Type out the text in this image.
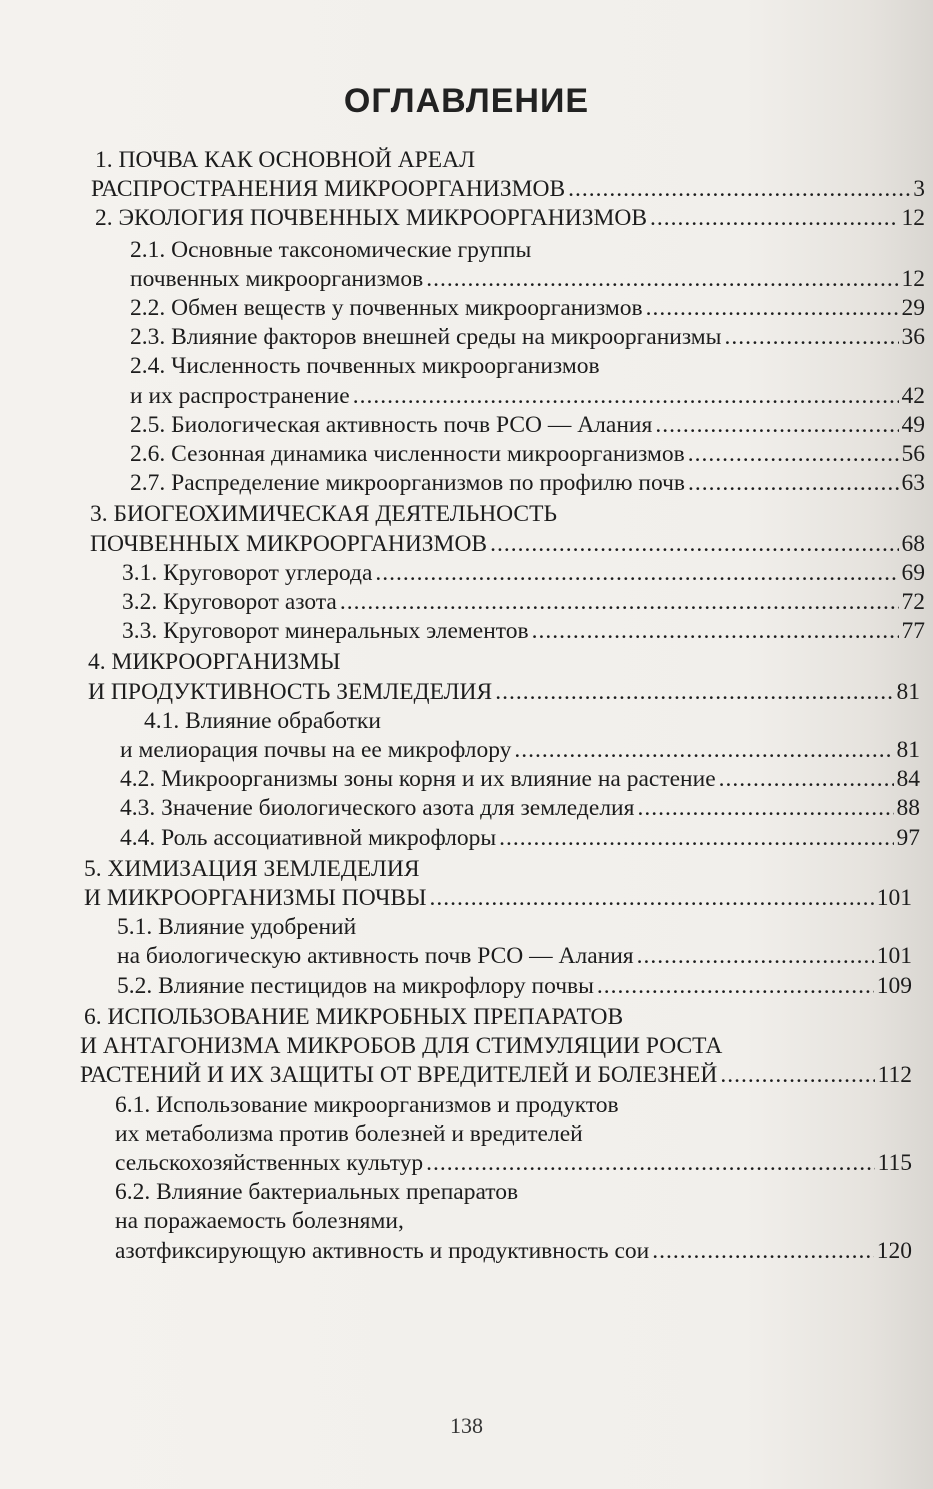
ОГЛАВЛЕНИЕ
1. ПОЧВА КАК ОСНОВНОЙ АРЕАЛ
РАСПРОСТРАНЕНИЯ МИКРООРГАНИЗМОВ .....	3
2. ЭКОЛОГИЯ ПОЧВЕННЫХ МИКРООРГАНИЗМОВ .....	12
2.1. Основные таксономические группы
почвенных микроорганизмов .....	12
2.2. Обмен веществ у почвенных микроорганизмов .....	29
2.3. Влияние факторов внешней среды на микроорганизмы .....	36
2.4. Численность почвенных микроорганизмов
и их распространение .....	42
2.5. Биологическая активность почв РСО — Алания .....	49
2.6. Сезонная динамика численности микроорганизмов .....	56
2.7. Распределение микроорганизмов по профилю почв .....	63
3. БИОГЕОХИМИЧЕСКАЯ ДЕЯТЕЛЬНОСТЬ
ПОЧВЕННЫХ МИКРООРГАНИЗМОВ .....	68
3.1. Круговорот углерода .....	69
3.2. Круговорот азота .....	72
3.3. Круговорот минеральных элементов .....	77
4. МИКРООРГАНИЗМЫ
И ПРОДУКТИВНОСТЬ ЗЕМЛЕДЕЛИЯ .....	81
4.1. Влияние обработки
и мелиорация почвы на ее микрофлору .....	81
4.2. Микроорганизмы зоны корня и их влияние на растение .....	84
4.3. Значение биологического азота для земледелия .....	88
4.4. Роль ассоциативной микрофлоры .....	97
5. ХИМИЗАЦИЯ ЗЕМЛЕДЕЛИЯ
И МИКРООРГАНИЗМЫ ПОЧВЫ .....	101
5.1. Влияние удобрений
на биологическую активность почв РСО — Алания .....	101
5.2. Влияние пестицидов на микрофлору почвы .....	109
6. ИСПОЛЬЗОВАНИЕ МИКРОБНЫХ ПРЕПАРАТОВ
И АНТАГОНИЗМА МИКРОБОВ ДЛЯ СТИМУЛЯЦИИ РОСТА
РАСТЕНИЙ И ИХ ЗАЩИТЫ ОТ ВРЕДИТЕЛЕЙ И БОЛЕЗНЕЙ .....	112
6.1. Использование микроорганизмов и продуктов
их метаболизма против болезней и вредителей
сельскохозяйственных культур .....	115
6.2. Влияние бактериальных препаратов
на поражаемость болезнями,
азотфиксирующую активность и продуктивность сои .....	120
138
